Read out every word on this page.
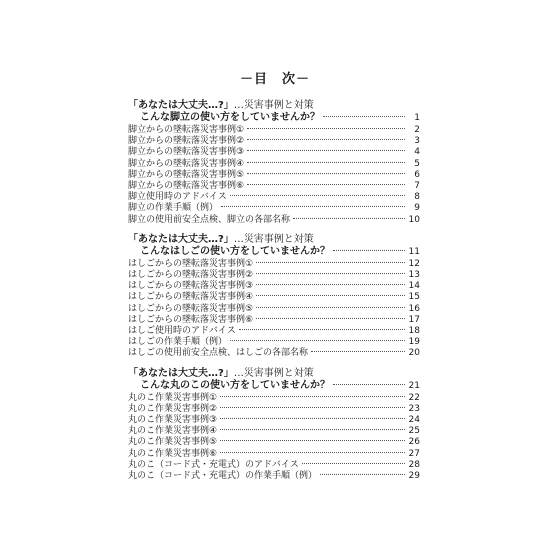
－目　次－
「あなたは大丈夫…?」…災害事例と対策
こんな脚立の使い方をしていませんか？	1
脚立からの墜転落災害事例①	2
脚立からの墜転落災害事例②	3
脚立からの墜転落災害事例③	4
脚立からの墜転落災害事例④	5
脚立からの墜転落災害事例⑤	6
脚立からの墜転落災害事例⑥	7
脚立使用時のアドバイス	8
脚立の作業手順（例）	9
脚立の使用前安全点検、脚立の各部名称	10
「あなたは大丈夫…?」…災害事例と対策
こんなはしごの使い方をしていませんか？	11
はしごからの墜転落災害事例①	12
はしごからの墜転落災害事例②	13
はしごからの墜転落災害事例③	14
はしごからの墜転落災害事例④	15
はしごからの墜転落災害事例⑤	16
はしごからの墜転落災害事例⑥	17
はしご使用時のアドバイス	18
はしごの作業手順（例）	19
はしごの使用前安全点検、はしごの各部名称	20
「あなたは大丈夫…?」…災害事例と対策
こんな丸のこの使い方をしていませんか？	21
丸のこ作業災害事例①	22
丸のこ作業災害事例②	23
丸のこ作業災害事例③	24
丸のこ作業災害事例④	25
丸のこ作業災害事例⑤	26
丸のこ作業災害事例⑥	27
丸のこ（コード式・充電式）のアドバイス	28
丸のこ（コード式・充電式）の作業手順（例）	29
